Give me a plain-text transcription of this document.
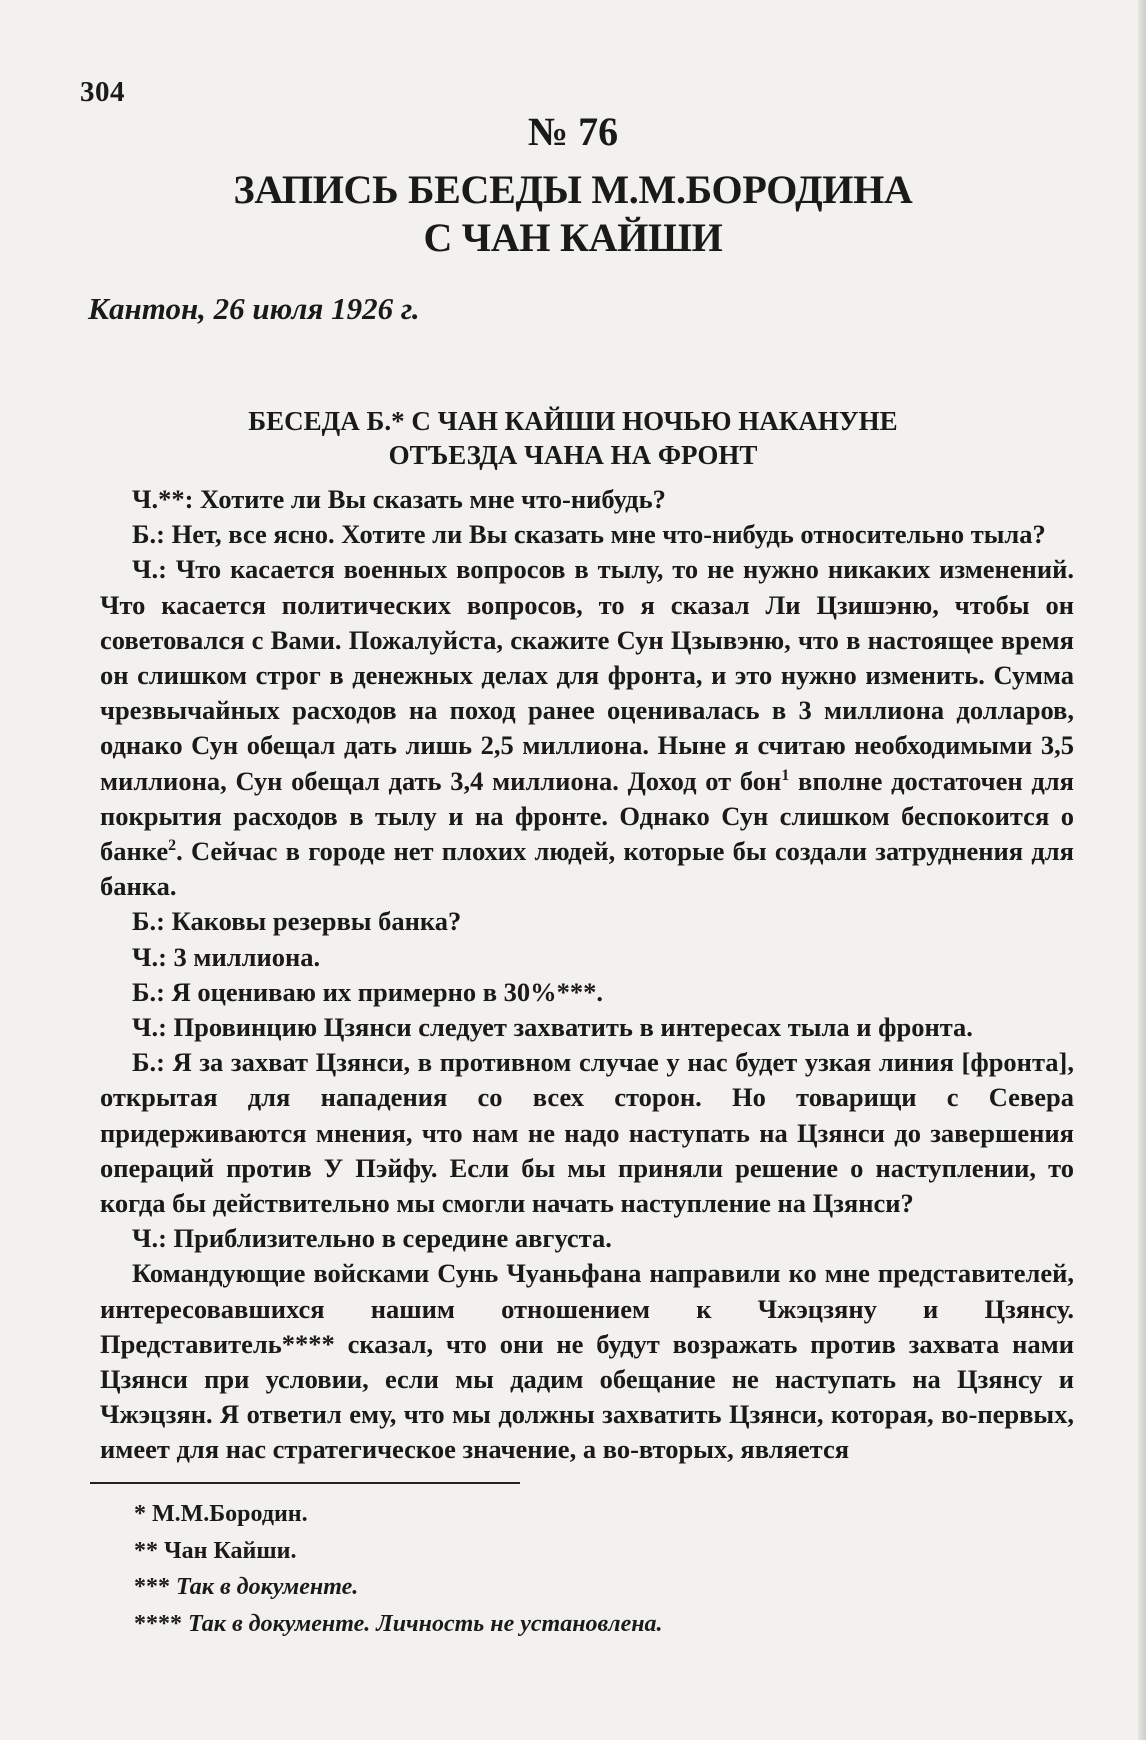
304
№ 76
ЗАПИСЬ БЕСЕДЫ М.М.БОРОДИНА
С ЧАН КАЙШИ
Кантон, 26 июля 1926 г.
БЕСЕДА Б.* С ЧАН КАЙШИ НОЧЬЮ НАКАНУНЕ
ОТЪЕЗДА ЧАНА НА ФРОНТ

Ч.**: Хотите ли Вы сказать мне что-нибудь?

Б.: Нет, все ясно. Хотите ли Вы сказать мне что-нибудь относительно тыла?

Ч.: Что касается военных вопросов в тылу, то не нужно никаких изменений. Что касается политических вопросов, то я сказал Ли Цзишэню, чтобы он советовался с Вами. Пожалуйста, скажите Сун Цзывэню, что в настоящее время он слишком строг в денежных делах для фронта, и это нужно изменить. Сумма чрезвычайных расходов на поход ранее оценивалась в 3 миллиона долларов, однако Сун обещал дать лишь 2,5 миллиона. Ныне я считаю необходимыми 3,5 миллиона, Сун обещал дать 3,4 миллиона. Доход от бон$^1$ вполне достаточен для покрытия расходов в тылу и на фронте. Однако Сун слишком беспокоится о банке$^2$. Сейчас в городе нет плохих людей, которые бы создали затруднения для банка.

Б.: Каковы резервы банка?

Ч.: 3 миллиона.

Б.: Я оцениваю их примерно в 30%***.

Ч.: Провинцию Цзянси следует захватить в интересах тыла и фронта.

Б.: Я за захват Цзянси, в противном случае у нас будет узкая линия [фронта], открытая для нападения со всех сторон. Но товарищи с Севера придерживаются мнения, что нам не надо наступать на Цзянси до завершения операций против У Пэйфу. Если бы мы приняли решение о наступлении, то когда бы действительно мы смогли начать наступление на Цзянси?

Ч.: Приблизительно в середине августа.

Командующие войсками Сунь Чуаньфана направили ко мне представителей, интересовавшихся нашим отношением к Чжэцзяну и Цзянсу. Представитель**** сказал, что они не будут возражать против захвата нами Цзянси при условии, если мы дадим обещание не наступать на Цзянсу и Чжэцзян. Я ответил ему, что мы должны захватить Цзянси, которая, во-первых, имеет для нас стратегическое значение, а во-вторых, является

* М.М.Бородин.
** Чан Кайши.
*** Так в документе.
**** Так в документе. Личность не установлена.
